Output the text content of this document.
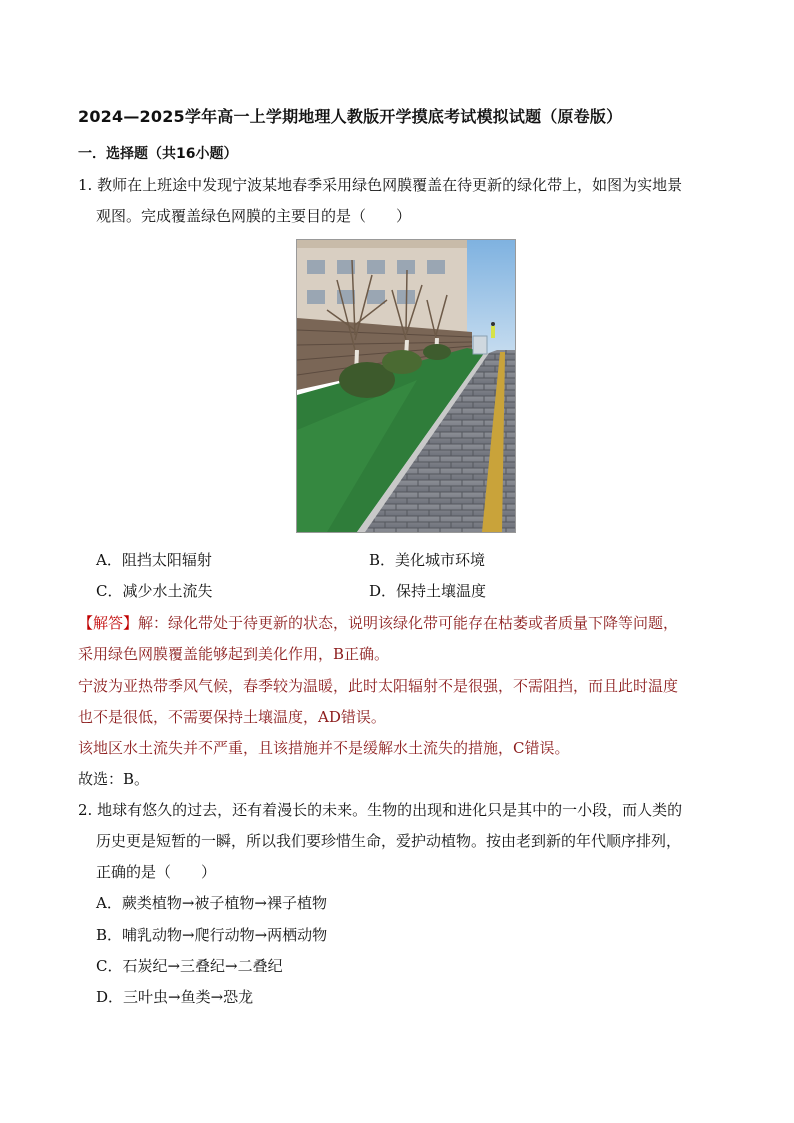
2024—2025学年高一上学期地理人教版开学摸底考试模拟试题（原卷版）
一．选择题（共16小题）
1. 教师在上班途中发现宁波某地春季采用绿色网膜覆盖在待更新的绿化带上，如图为实地景
观图。完成覆盖绿色网膜的主要目的是（　　）
A．阻挡太阳辐射	B．美化城市环境
C．减少水土流失	D．保持土壤温度
【解答】解：绿化带处于待更新的状态，说明该绿化带可能存在枯萎或者质量下降等问题，
采用绿色网膜覆盖能够起到美化作用，B正确。
宁波为亚热带季风气候，春季较为温暖，此时太阳辐射不是很强，不需阻挡，而且此时温度
也不是很低，不需要保持土壤温度，AD错误。
该地区水土流失并不严重，且该措施并不是缓解水土流失的措施，C错误。
故选：B。
2. 地球有悠久的过去，还有着漫长的未来。生物的出现和进化只是其中的一小段，而人类的
历史更是短暂的一瞬，所以我们要珍惜生命，爱护动植物。按由老到新的年代顺序排列，
正确的是（　　）
A．蕨类植物→被子植物→裸子植物
B．哺乳动物→爬行动物→两栖动物
C．石炭纪→三叠纪→二叠纪
D．三叶虫→鱼类→恐龙
